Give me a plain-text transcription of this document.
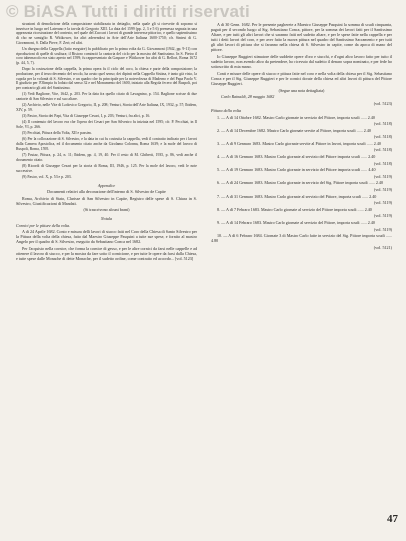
© BiASA Tutti i diritti riservati

struzioni di demolizione della composizione stabilizzata in dettaglio, nella quale gli si ricevette di soprano si inserisce in luogo nel Laterano e la tavola di Gregorio XIII. La data del 1599 (pp. 2, 3 e 5 6) premessa segnata in una apprezzata ricostruzione del contesto, nel quale del Zuccari i lavori di grande interesse pittorico, e quello sapientissimo di cho ne somiglio R. Wittkower, fra altri aderendosi in Arte dell'Arte Italiana 1600-1750; cfr. Sintesi di G. Giovannoni, S. Dalla Pieve, F. Zeri; ed altri.

Un disegno della Cappella (fatto eseguire) fu pubblicato per la prima volta da G. Giovannoni (1942, pp. 9-11) con riproduzioni di quelle di scultura; il Ristoro cominciò la cantoria del ciclo per la mostra del Santissimo. In S. Pietro il coro tabernacolo era stato aperto nel 1599; fu rappresentato da Gaspare e Wittkower fra altri di G. Bellori, Roma 1672 (p. 44, 5, 7).

Dopo la costruzione della cappella, la prima opera fu il ciclo del coro, la chiesa e parte della composizione; la produzione, per il terzo decennio del secolo, ha avuto quel senso; dei dipinti nella Cappella Sistina, è tanto già visto, la cupola per la volontà di S. Silvestro, e un quadro che fu principale per la notevolezza di Maderno e del Papa Paolo V. Il giudizio per l'Olimpia fu lodato dal senso 32 e nel Monumento del 1600, iniziato alla Regola fecero del Ruspoli, poi per contrario gli atti del Santissimo.

(1) Vedi Baglione, Vite, 1642, p. 203. Per la data fra quello citato di Lavagnino, p. 154. Baglione scrisse di due cantorie di San Silvestro e sul suo altare.

(2) Archivio, nelle Vite di Lodovico Gregorio, II, p. 208; Venturi, Storia dell'Arte Italiana, IX, 1932, p. 57; Ibidem, XIV, p. 59.

(3) Pastor, Storia dei Papi, Vita di Giuseppe Cesari, I, p. 203; Venturi, fra altri, p. 16.

(4) Il contenuto del lavoro era che l'opera dei Cesari per San Silvestro fu iniziata nel 1595; cfr. P. Pecchiai, in Il Sole, VI, p. 266.

(5) Pecchiai, Pittura della Volta, XII e passim.

(6) Per la collocazione di S. Silvestro, e la data in cui fu costruita la cappella, vedi il contratto indicato per i lavori dalla Camera Apostolica, ed il documento citato anche da Girolamo Colonna, Roma 1639; e la mole del lavoro di Ruspoli, Roma, 1595.

(7) Frutaz, Pittura, p. 24, n. 11; Ibidem, pp. 4, 19, 40. Per il resto di M. Ghiberti, 1935, p. 86, vedi anche il documento citato.

(8) Ricordi di Giuseppe Cesari per la storia di Roma, III, 1946, p. 125. Per la mole del lavoro, vedi le note successive.

(9) Pastor, vol. X, p. 53 e p. 203.

Appendice

Documenti relativi alla decorazione dell'interno di S. Silvestro de Capite

Roma, Archivio di Stato, Clarisse di San Silvestro in Capite, Registro delle spese di S. Chiara in S. Silvestro, Giustificazioni di Mandati.

(Si trascrivono alcuni brani)

Notula

Cornici per le pitture della volta.

A di 24 Aprile 1682. Conto e misura delli lavori di stucco fatti nel Coro della Chiesa di Santo Silvestro per la Pittura della volta della chiesa, fatto dal Maestro Giuseppe Pasquini a tutte sue spese, e fornito al mastro Angelo per il quadro di S. Silvestro, eseguito da Sebastiano Conca nel 1682.

Per l'acquisto nella cornice, che forma la cornice di gesso, e per le altre cornici da farsi nelle cappelle e ad ottenere il lavoro di stucco, e per la mostra da fare sotto il cornicione, e per tutte le opere da farsi dalla Chiesa, e tutte spese dalle Monache di dette Monache, per il sudetto ordine, come contratto ed accordo... [vol. 5123]

A di 30 Genn. 1682. Per le presente pagherete a Maestro Giuseppe Pasquini la somma di scudi cinquanta, pagati per il secondo luogo al Sig. Sebastiano Conca, pittore, per la somma dei lavori fatti per il Santissimo Altare, e per tutti gli altri lavori che si saranno fatti nel sudetto altare, e per le spese fatte nella cappella e per tutti i detti lavori del coro, e per aver fatto la nuova pittura nel quadro del Santissimo Sacramento e per tutti gli altri lavori di pittura che si faranno nella chiesa di S. Silvestro in capite, come da apoca di mano del pittore.

Io Giuseppe Ruggieri stimatore delle suddette opere d'oro e stucchi, e d'ogni altro lavoro fatto per tutto il sudetto lavoro, non avendo altro da pretendere, ho ricevuto dal sudetto il denaro sopra nominato, e per fede ho sottoscritto di mia mano.

Conti e misure delle opere di stucco e pittura fatte nel coro e nella volta della chiesa per il Sig. Sebastiano Conca e per il Sig. Giuseppe Ruggieri e per le cornici dorate della chiesa ed altri lavori di pittura del Pittore Giuseppe Ruggieri.

(Segue una nota dettagliata)

Carlo Rainaldi, 28 maggio 1682

(vol. 5123)

Pittura della volta

1. — A dì 14 Ottobre 1682. Mastro Carlo giornate in servizio del Pittore, importa scudi ...... 2.40

(vol. 5118)

2. — A dì 14 Decembre 1682. Mastro Carlo giornate servite al Pittore, importa scudi ...... 2.40

(vol. 5118)

3. — A dì 9 Gennaro 1683. Mastro Carlo giornate servite al Pittore in lavori, importa scudi ...... 2.40

(vol. 5118)

4. — A dì 16 Gennaro 1683. Mastro Carlo giornate al servizio del Pittore importa scudi ...... 2.40

(vol. 5118)

5. — A dì 19 Gennaro 1683. Mastro Carlo giornate in servizio del Pittore importa scudi ...... 4.40

(vol. 5119)

6. — A dì 24 Gennaro 1683. Mastro Carlo giornate in servizio del Sig. Pittore importa scudi ...... 2.40

(vol. 5119)

7. — A dì 31 Gennaro 1683. Mastro Carlo giornate al servizio del Pittore, importa scudi ...... 2.40

(vol. 5119)

8. — A dì 7 Febraro 1683. Mastro Carlo giornate al servizio del Pittore importa scudi ...... 2.40

(vol. 5119)

9. — A dì 14 Febraro 1683. Mastro Carlo giornate al servizio del Pittore, importa scudi ...... 2.40

(vol. 5119)

10. — A dì 6 Febraro 1684. Giornate 3 di Mastro Carlo fatte in servizio del Sig. Pittore importa scudi ...... 4.80

(vol. 5121)

47
